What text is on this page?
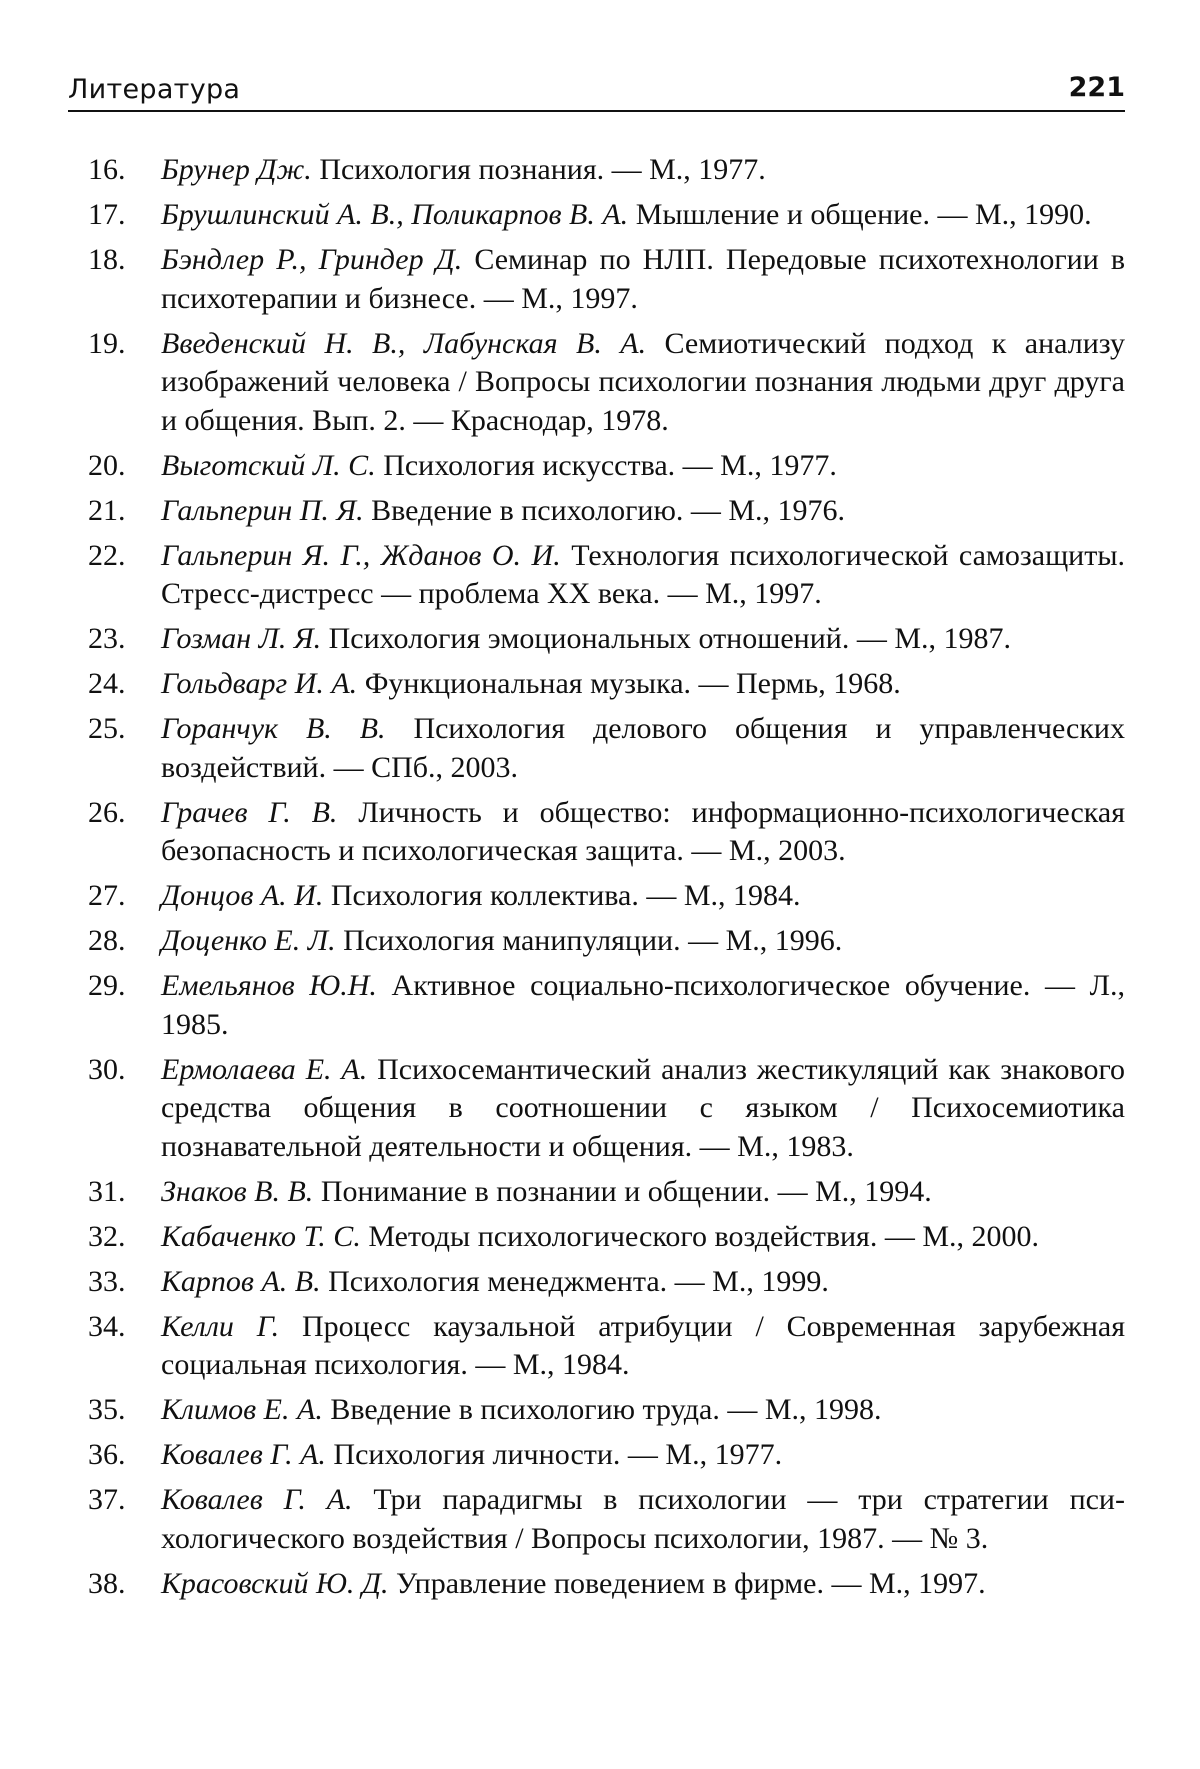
Литература	221
16.	Брунер Дж. Психология познания. — М., 1977.
17.	Брушлинский А. В., Поликарпов В. А. Мышление и общение. — М., 1990.
18.	Бэндлер Р., Гриндер Д. Семинар по НЛП. Передовые психотехнологии в психотерапии и бизнесе. — М., 1997.
19.	Введенский Н. В., Лабунская В. А. Семиотический подход к анализу изображений человека / Вопросы психологии познания людьми друг друга и общения. Вып. 2. — Краснодар, 1978.
20.	Выготский Л. С. Психология искусства. — М., 1977.
21.	Гальперин П. Я. Введение в психологию. — М., 1976.
22.	Гальперин Я. Г., Жданов О. И. Технология психологической самозащиты. Стресс-дистресс — проблема XX века. — М., 1997.
23.	Гозман Л. Я. Психология эмоциональных отношений. — М., 1987.
24.	Гольдварг И. А. Функциональная музыка. — Пермь, 1968.
25.	Горанчук В. В. Психология делового общения и управленческих воздействий. — СПб., 2003.
26.	Грачев Г. В. Личность и общество: информационно-психологическая безопасность и психологическая защита. — М., 2003.
27.	Донцов А. И. Психология коллектива. — М., 1984.
28.	Доценко Е. Л. Психология манипуляции. — М., 1996.
29.	Емельянов Ю.Н. Активное социально-психологическое обучение. — Л., 1985.
30.	Ермолаева Е. А. Психосемантический анализ жестикуляций как знакового средства общения в соотношении с языком / Психосемиотика познавательной деятельности и общения. — М., 1983.
31.	Знаков В. В. Понимание в познании и общении. — М., 1994.
32.	Кабаченко Т. С. Методы психологического воздействия. — М., 2000.
33.	Карпов А. В. Психология менеджмента. — М., 1999.
34.	Келли Г. Процесс каузальной атрибуции / Современная зарубежная социальная психология. — М., 1984.
35.	Климов Е. А. Введение в психологию труда. — М., 1998.
36.	Ковалев Г. А. Психология личности. — М., 1977.
37.	Ковалев Г. А. Три парадигмы в психологии — три стратегии психологического воздействия / Вопросы психологии, 1987. — № 3.
38.	Красовский Ю. Д. Управление поведением в фирме. — М., 1997.
